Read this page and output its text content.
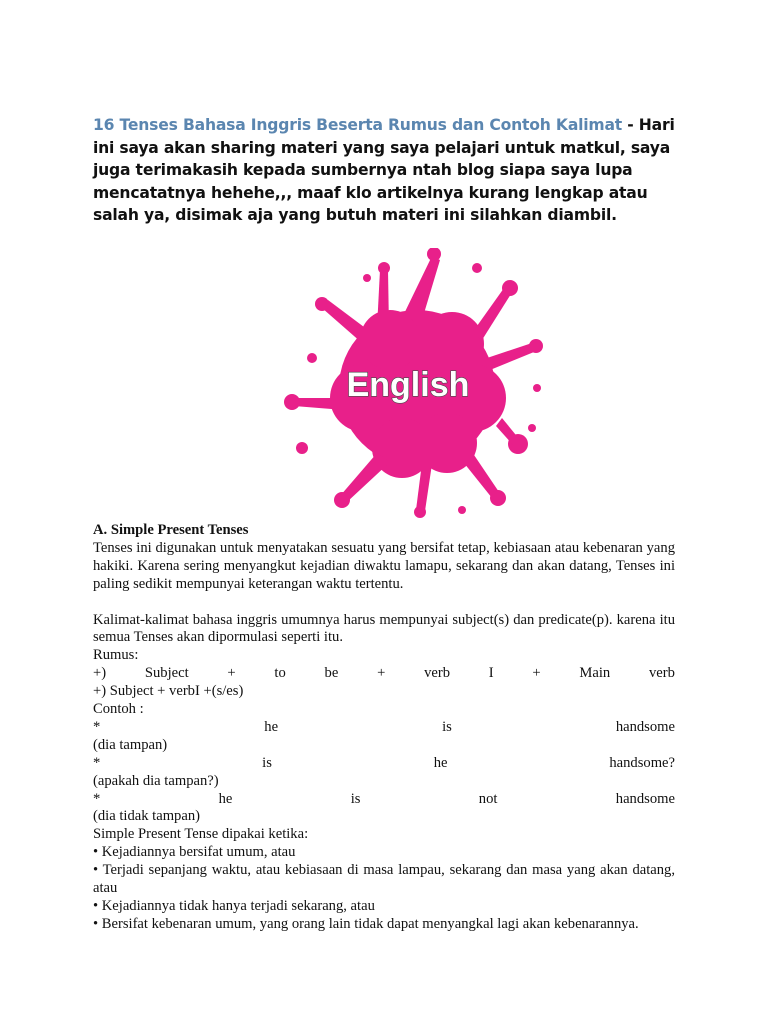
16 Tenses Bahasa Inggris Beserta Rumus dan Contoh Kalimat - Hari ini saya akan sharing materi yang saya pelajari untuk matkul, saya juga terimakasih kepada sumbernya ntah blog siapa saya lupa mencatatnya hehehe,,, maaf klo artikelnya kurang lengkap atau salah ya, disimak aja yang butuh materi ini silahkan diambil.
English

A. Simple Present Tenses

Tenses ini digunakan untuk menyatakan sesuatu yang bersifat tetap, kebiasaan atau kebenaran yang hakiki. Karena sering menyangkut kejadian diwaktu lamapu, sekarang dan akan datang, Tenses ini paling sedikit mempunyai keterangan waktu tertentu.

Kalimat-kalimat bahasa inggris umumnya harus mempunyai subject(s) dan predicate(p). karena itu semua Tenses akan dipormulasi seperti itu.

Rumus:

+)	Subject	+	to	be	+	verb	I	+	Main	verb

+) Subject + verbI +(s/es)

Contoh :

*	he	is	handsome

(dia tampan)

*	is	he	handsome?

(apakah dia tampan?)

*	he	is	not	handsome

(dia tidak tampan)

Simple Present Tense dipakai ketika:

• Kejadiannya bersifat umum, atau

• Terjadi sepanjang waktu, atau kebiasaan di masa lampau, sekarang dan masa yang akan datang, atau

• Kejadiannya tidak hanya terjadi sekarang, atau

• Bersifat kebenaran umum, yang orang lain tidak dapat menyangkal lagi akan kebenarannya.
